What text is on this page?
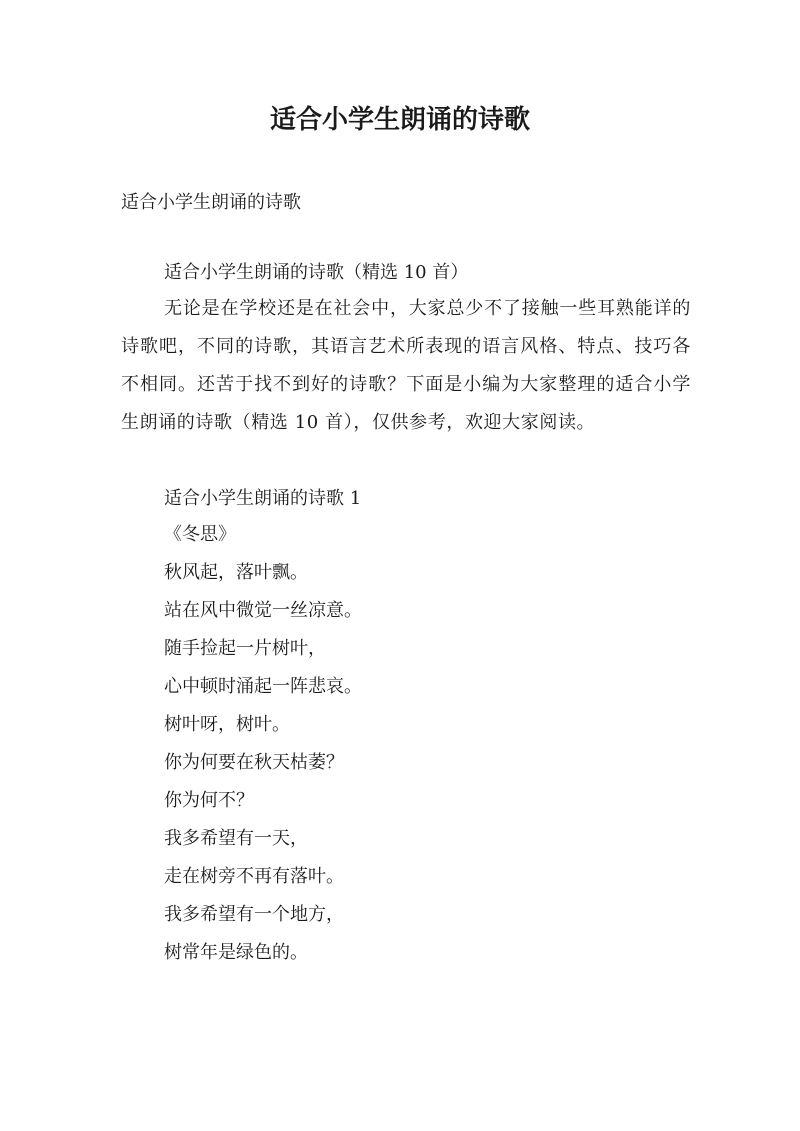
适合小学生朗诵的诗歌

适合小学生朗诵的诗歌

适合小学生朗诵的诗歌（精选 10 首）

无论是在学校还是在社会中，大家总少不了接触一些耳熟能详的诗歌吧，不同的诗歌，其语言艺术所表现的语言风格、特点、技巧各不相同。还苦于找不到好的诗歌？下面是小编为大家整理的适合小学生朗诵的诗歌（精选 10 首），仅供参考，欢迎大家阅读。

适合小学生朗诵的诗歌 1
《冬思》
秋风起，落叶飘。
站在风中微觉一丝凉意。
随手捡起一片树叶，
心中顿时涌起一阵悲哀。
树叶呀，树叶。
你为何要在秋天枯萎？
你为何不？
我多希望有一天，
走在树旁不再有落叶。
我多希望有一个地方，
树常年是绿色的。
